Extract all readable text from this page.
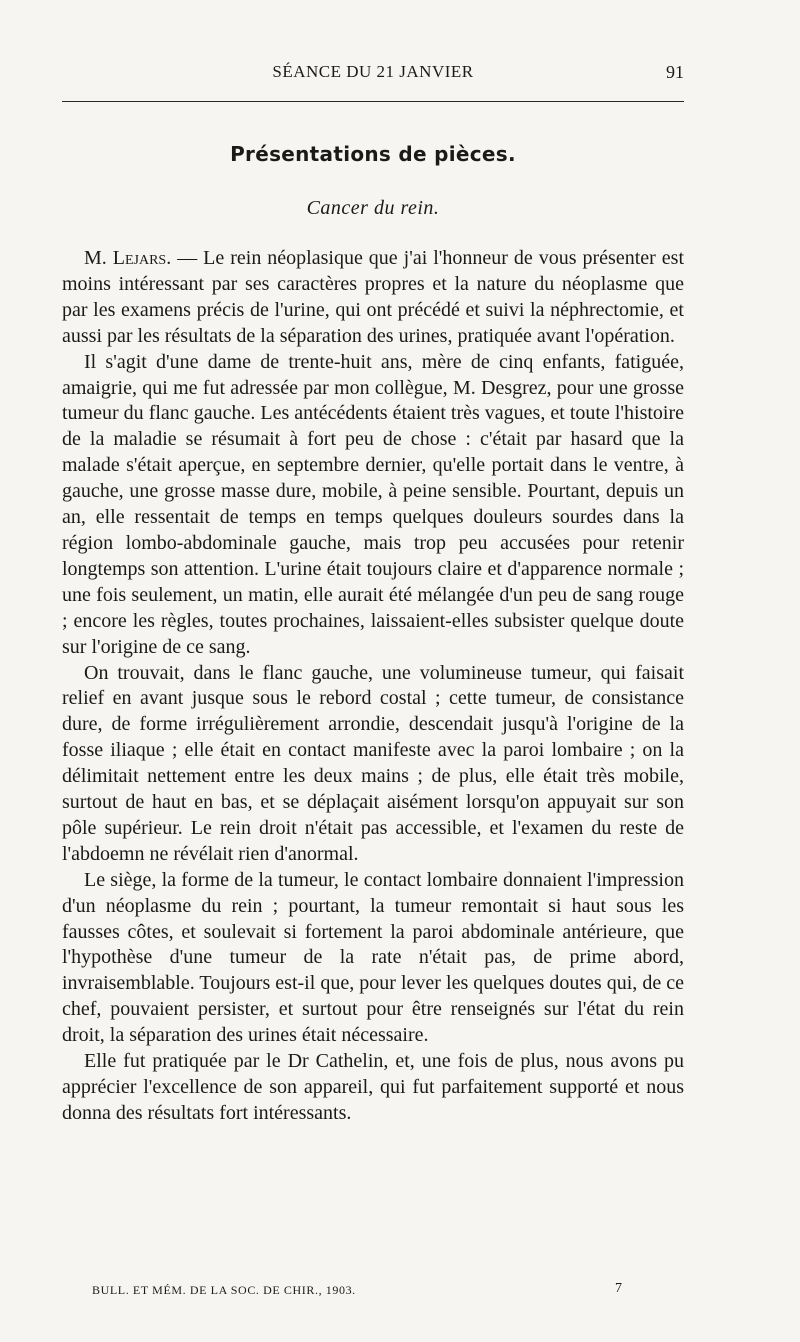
SÉANCE DU 21 JANVIER	91
Présentations de pièces.
Cancer du rein.

M. Lejars. — Le rein néoplasique que j'ai l'honneur de vous présenter est moins intéressant par ses caractères propres et la nature du néoplasme que par les examens précis de l'urine, qui ont précédé et suivi la néphrectomie, et aussi par les résultats de la séparation des urines, pratiquée avant l'opération.

Il s'agit d'une dame de trente-huit ans, mère de cinq enfants, fatiguée, amaigrie, qui me fut adressée par mon collègue, M. Desgrez, pour une grosse tumeur du flanc gauche. Les antécédents étaient très vagues, et toute l'histoire de la maladie se résumait à fort peu de chose : c'était par hasard que la malade s'était aperçue, en septembre dernier, qu'elle portait dans le ventre, à gauche, une grosse masse dure, mobile, à peine sensible. Pourtant, depuis un an, elle ressentait de temps en temps quelques douleurs sourdes dans la région lombo-abdominale gauche, mais trop peu accusées pour retenir longtemps son attention. L'urine était toujours claire et d'apparence normale ; une fois seulement, un matin, elle aurait été mélangée d'un peu de sang rouge ; encore les règles, toutes prochaines, laissaient-elles subsister quelque doute sur l'origine de ce sang.

On trouvait, dans le flanc gauche, une volumineuse tumeur, qui faisait relief en avant jusque sous le rebord costal ; cette tumeur, de consistance dure, de forme irrégulièrement arrondie, descendait jusqu'à l'origine de la fosse iliaque ; elle était en contact manifeste avec la paroi lombaire ; on la délimitait nettement entre les deux mains ; de plus, elle était très mobile, surtout de haut en bas, et se déplaçait aisément lorsqu'on appuyait sur son pôle supérieur. Le rein droit n'était pas accessible, et l'examen du reste de l'abdoemn ne révélait rien d'anormal.

Le siège, la forme de la tumeur, le contact lombaire donnaient l'impression d'un néoplasme du rein ; pourtant, la tumeur remontait si haut sous les fausses côtes, et soulevait si fortement la paroi abdominale antérieure, que l'hypothèse d'une tumeur de la rate n'était pas, de prime abord, invraisemblable. Toujours est-il que, pour lever les quelques doutes qui, de ce chef, pouvaient persister, et surtout pour être renseignés sur l'état du rein droit, la séparation des urines était nécessaire.

Elle fut pratiquée par le Dr Cathelin, et, une fois de plus, nous avons pu apprécier l'excellence de son appareil, qui fut parfaitement supporté et nous donna des résultats fort intéressants.

BULL. ET MÉM. DE LA SOC. DE CHIR., 1903.	7
